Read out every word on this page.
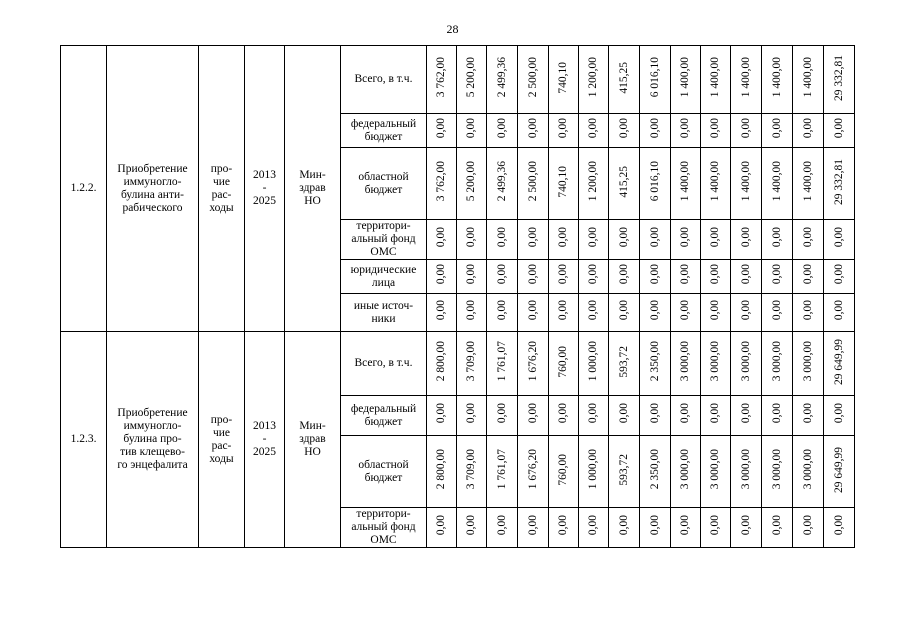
28
1.2.2.	Приобретение
иммуногло-
булина анти-
рабического	про-
чие
рас-
ходы	2013
-
2025	Мин-
здрав
НО	Всего, в т.ч.	3 762,00	5 200,00	2 499,36	2 500,00	740,10	1 200,00	415,25	6 016,10	1 400,00	1 400,00	1 400,00	1 400,00	1 400,00	29 332,81
					федеральный
бюджет	0,00	0,00	0,00	0,00	0,00	0,00	0,00	0,00	0,00	0,00	0,00	0,00	0,00	0,00
					областной
бюджет	3 762,00	5 200,00	2 499,36	2 500,00	740,10	1 200,00	415,25	6 016,10	1 400,00	1 400,00	1 400,00	1 400,00	1 400,00	29 332,81
					территори-
альный фонд
ОМС	0,00	0,00	0,00	0,00	0,00	0,00	0,00	0,00	0,00	0,00	0,00	0,00	0,00	0,00
					юридические
лица	0,00	0,00	0,00	0,00	0,00	0,00	0,00	0,00	0,00	0,00	0,00	0,00	0,00	0,00
					иные источ-
ники	0,00	0,00	0,00	0,00	0,00	0,00	0,00	0,00	0,00	0,00	0,00	0,00	0,00	0,00
1.2.3.	Приобретение
иммуногло-
булина про-
тив клещево-
го энцефалита	про-
чие
рас-
ходы	2013
-
2025	Мин-
здрав
НО	Всего, в т.ч.	2 800,00	3 709,00	1 761,07	1 676,20	760,00	1 000,00	593,72	2 350,00	3 000,00	3 000,00	3 000,00	3 000,00	3 000,00	29 649,99
					федеральный
бюджет	0,00	0,00	0,00	0,00	0,00	0,00	0,00	0,00	0,00	0,00	0,00	0,00	0,00	0,00
					областной
бюджет	2 800,00	3 709,00	1 761,07	1 676,20	760,00	1 000,00	593,72	2 350,00	3 000,00	3 000,00	3 000,00	3 000,00	3 000,00	29 649,99
					территори-
альный фонд
ОМС	0,00	0,00	0,00	0,00	0,00	0,00	0,00	0,00	0,00	0,00	0,00	0,00	0,00	0,00
